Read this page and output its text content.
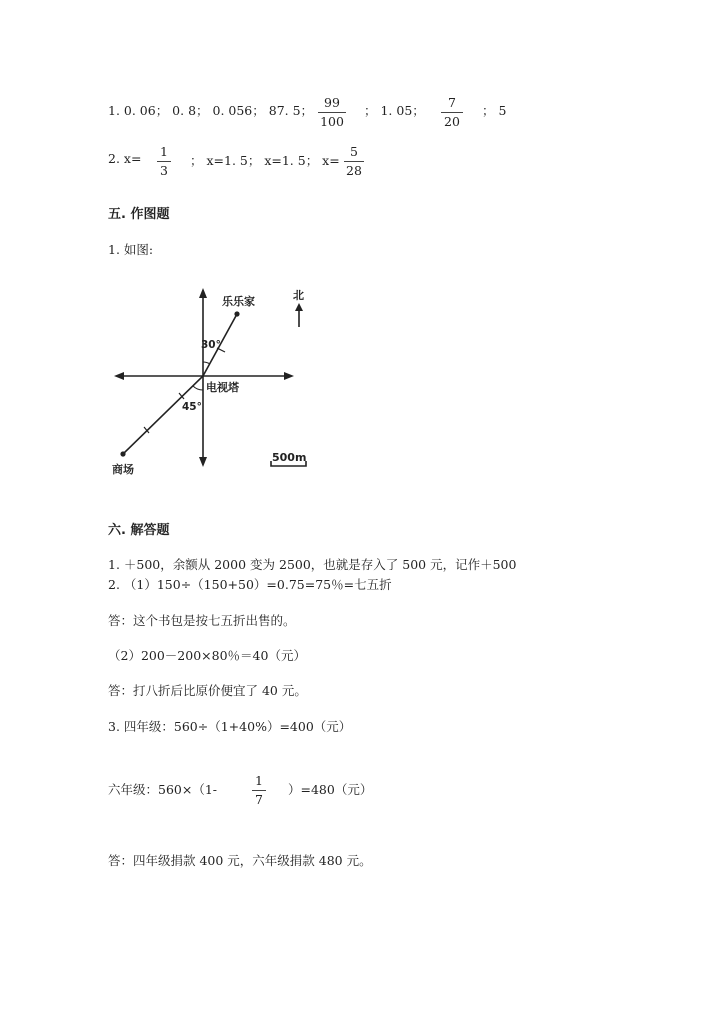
1. 0. 06； 0. 8； 0. 056； 87. 5； $\frac{99}{100}$ ； 1. 05； $\frac{7}{20}$ ； 5
2. $x= \frac{1}{3}$ ； x=1. 5； x=1. 5； $x= \frac{5}{28}$
五. 作图题
1. 如图:
乐乐家
30°
电视塔
45°
商场
北
500m
六. 解答题
1. ＋500，余额从 2000 变为 2500，也就是存入了 500 元，记作＋500
2. （1）150÷（150+50）=0.75=75％=七五折
答：这个书包是按七五折出售的。
（2）200－200×80％＝40（元）
答：打八折后比原价便宜了 40 元。
3. 四年级：560÷（1+40%）=400（元）
六年级：560×（1-	$\frac{1}{7} )=480$（元）
答：四年级捐款 400 元，六年级捐款 480 元。
